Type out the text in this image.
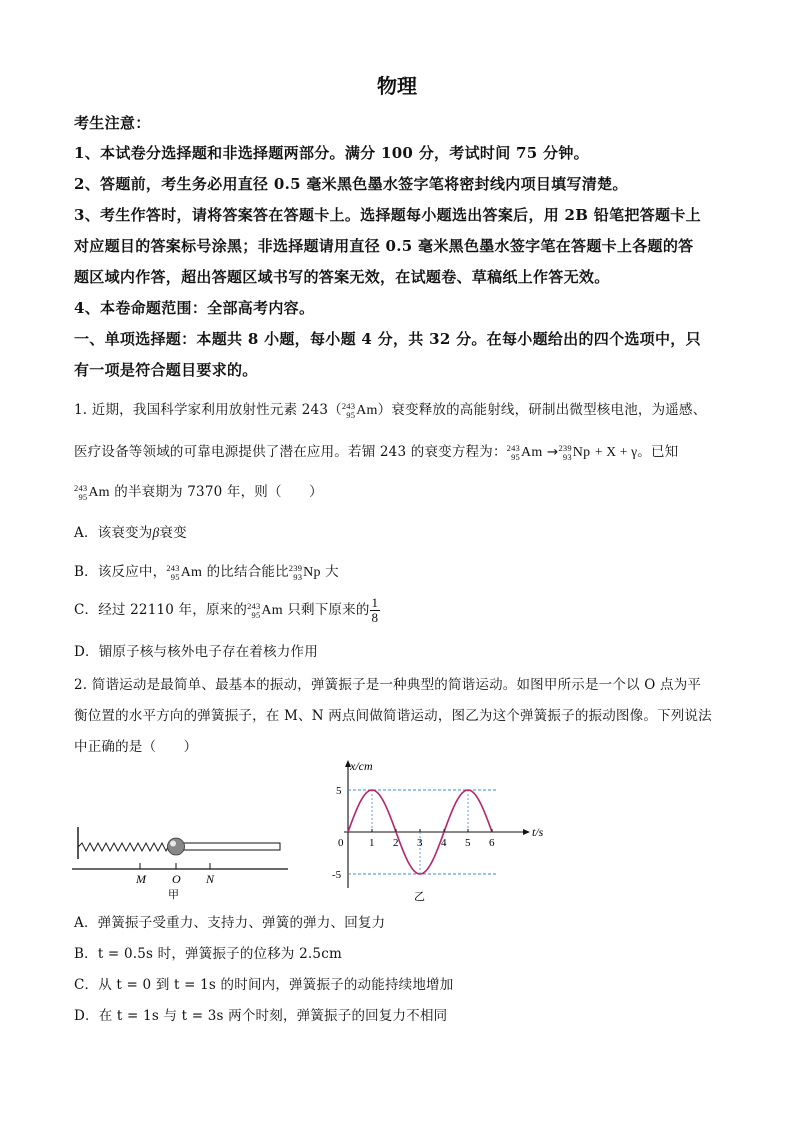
物理
考生注意：
1、本试卷分选择题和非选择题两部分。满分 100 分，考试时间 75 分钟。
2、答题前，考生务必用直径 0.5 毫米黑色墨水签字笔将密封线内项目填写清楚。
3、考生作答时，请将答案答在答题卡上。选择题每小题选出答案后，用 2B 铅笔把答题卡上
对应题目的答案标号涂黑；非选择题请用直径 0.5 毫米黑色墨水签字笔在答题卡上各题的答
题区域内作答，超出答题区域书写的答案无效，在试题卷、草稿纸上作答无效。
4、本卷命题范围：全部高考内容。
一、单项选择题：本题共 8 小题，每小题 4 分，共 32 分。在每小题给出的四个选项中，只
有一项是符合题目要求的。
1. 近期，我国科学家利用放射性元素 243（ 243
95 Am）衰变释放的高能射线，研制出微型核电池，为遥感、
医疗设备等领域的可靠电源提供了潜在应用。若镅 243 的衰变方程为： 243
95 Am → 239
93 Np + X + γ。已知
243
95 Am 的半衰期为 7370 年，则（　　）
A．该衰变为β衰变
B．该反应中， 243
95 Am 的比结合能比 239
93 Np 大
C．经过 22110 年，原来的 243
95 Am 只剩下原来的 $\frac{1}{8}$
D．镅原子核与核外电子存在着核力作用
2. 简谐运动是最简单、最基本的振动，弹簧振子是一种典型的简谐运动。如图甲所示是一个以 O 点为平
衡位置的水平方向的弹簧振子，在 M、N 两点间做简谐运动，图乙为这个弹簧振子的振动图像。下列说法
中正确的是（　　）
M O N
甲
x/cm
t/s
0 1 2 3 4 5 6
5
-5
乙
A．弹簧振子受重力、支持力、弹簧的弹力、回复力
B．t = 0.5s 时，弹簧振子的位移为 2.5cm
C．从 t = 0 到 t = 1s 的时间内，弹簧振子的动能持续地增加
D．在 t = 1s 与 t = 3s 两个时刻，弹簧振子的回复力不相同
